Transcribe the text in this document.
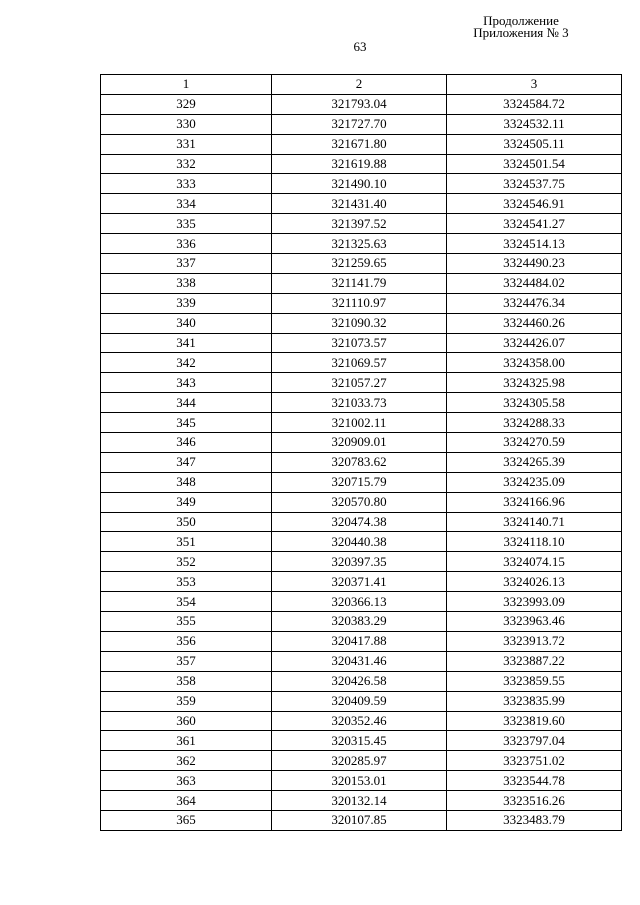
Продолжение
Приложения № 3
63
1	2	3
329	321793.04	3324584.72
330	321727.70	3324532.11
331	321671.80	3324505.11
332	321619.88	3324501.54
333	321490.10	3324537.75
334	321431.40	3324546.91
335	321397.52	3324541.27
336	321325.63	3324514.13
337	321259.65	3324490.23
338	321141.79	3324484.02
339	321110.97	3324476.34
340	321090.32	3324460.26
341	321073.57	3324426.07
342	321069.57	3324358.00
343	321057.27	3324325.98
344	321033.73	3324305.58
345	321002.11	3324288.33
346	320909.01	3324270.59
347	320783.62	3324265.39
348	320715.79	3324235.09
349	320570.80	3324166.96
350	320474.38	3324140.71
351	320440.38	3324118.10
352	320397.35	3324074.15
353	320371.41	3324026.13
354	320366.13	3323993.09
355	320383.29	3323963.46
356	320417.88	3323913.72
357	320431.46	3323887.22
358	320426.58	3323859.55
359	320409.59	3323835.99
360	320352.46	3323819.60
361	320315.45	3323797.04
362	320285.97	3323751.02
363	320153.01	3323544.78
364	320132.14	3323516.26
365	320107.85	3323483.79
